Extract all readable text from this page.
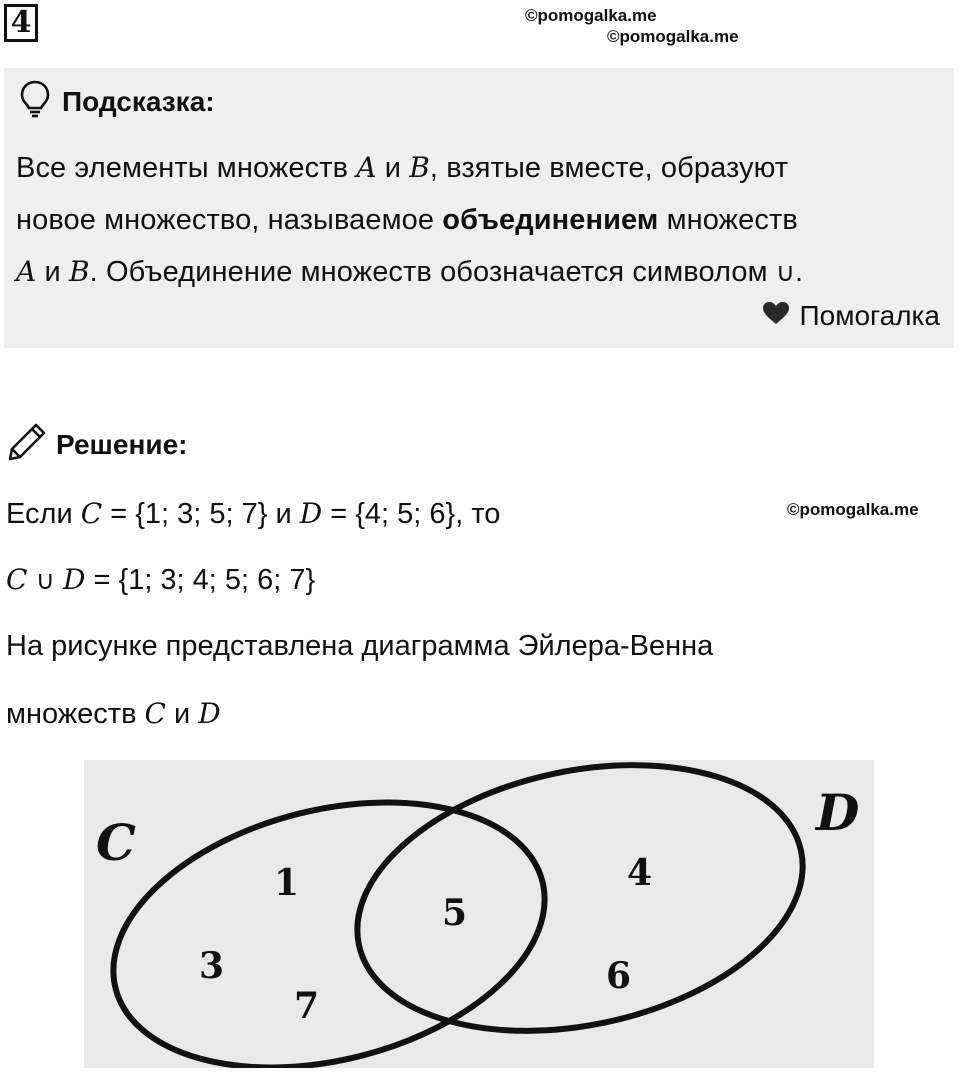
4	©pomogalka.me
©pomogalka.me
Подсказка:
Все элементы множеств A и B, взятые вместе, образуют
новое множество, называемое объединением множеств
A и B. Объединение множеств обозначается символом ∪.
Помогалка
Решение:
©pomogalka.me
Если C = {1; 3; 5; 7} и D = {4; 5; 6}, то
C ∪ D = {1; 3; 4; 5; 6; 7}
На рисунке представлена диаграмма Эйлера-Венна
множеств C и D
C
D
1
3
7
5
4
6
